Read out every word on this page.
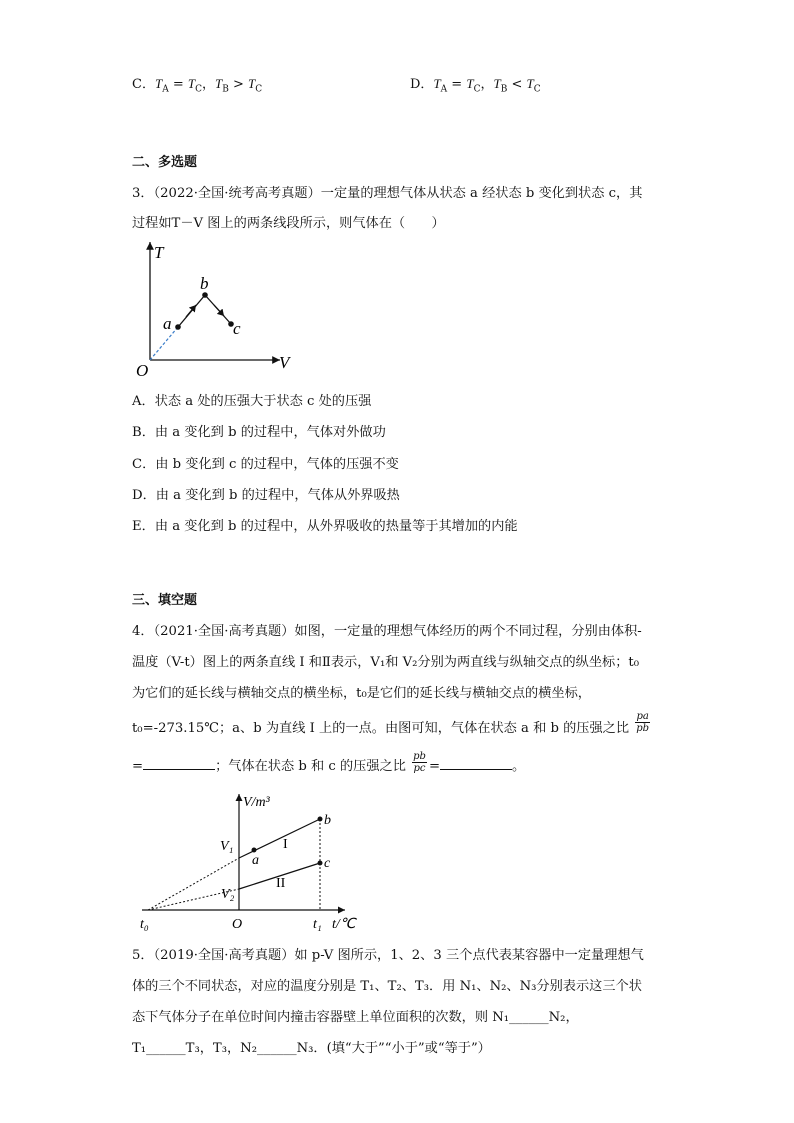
C．$T_A = T_C$，$T_B > T_C$	D．$T_A = T_C$，$T_B < T_C$
二、多选题
3．（2022·全国·统考高考真题）一定量的理想气体从状态 a 经状态 b 变化到状态 c，其
过程如T－V 图上的两条线段所示，则气体在（　　）
T
V
O
a
b
c
A．状态 a 处的压强大于状态 c 处的压强
B．由 a 变化到 b 的过程中，气体对外做功
C．由 b 变化到 c 的过程中，气体的压强不变
D．由 a 变化到 b 的过程中，气体从外界吸热
E．由 a 变化到 b 的过程中，从外界吸收的热量等于其增加的内能
三、填空题
4．（2021·全国·高考真题）如图，一定量的理想气体经历的两个不同过程，分别由体积-
温度（V-t）图上的两条直线 I 和Ⅱ表示，V₁和 V₂分别为两直线与纵轴交点的纵坐标；t₀
为它们的延长线与横轴交点的横坐标，t₀是它们的延长线与横轴交点的横坐标，
t₀=-273.15℃；a、b 为直线 I 上的一点。由图可知，气体在状态 a 和 b 的压强之比 $\frac{pa}{pb}$
=	；气体在状态 b 和 c 的压强之比 $\frac{pb}{pc}$ =	。
V/m³
t/℃
O
t₀	t₁
V₁
V₂
I
II
a
b
c
5．（2019·全国·高考真题）如 p-V 图所示，1、2、3 三个点代表某容器中一定量理想气
体的三个不同状态，对应的温度分别是 T₁、T₂、T₃．用 N₁、N₂、N₃分别表示这三个状
态下气体分子在单位时间内撞击容器壁上单位面积的次数，则 N₁______N₂，
T₁______T₃，T₃，N₂______N₃．(填“大于”“小于”或“等于”）
